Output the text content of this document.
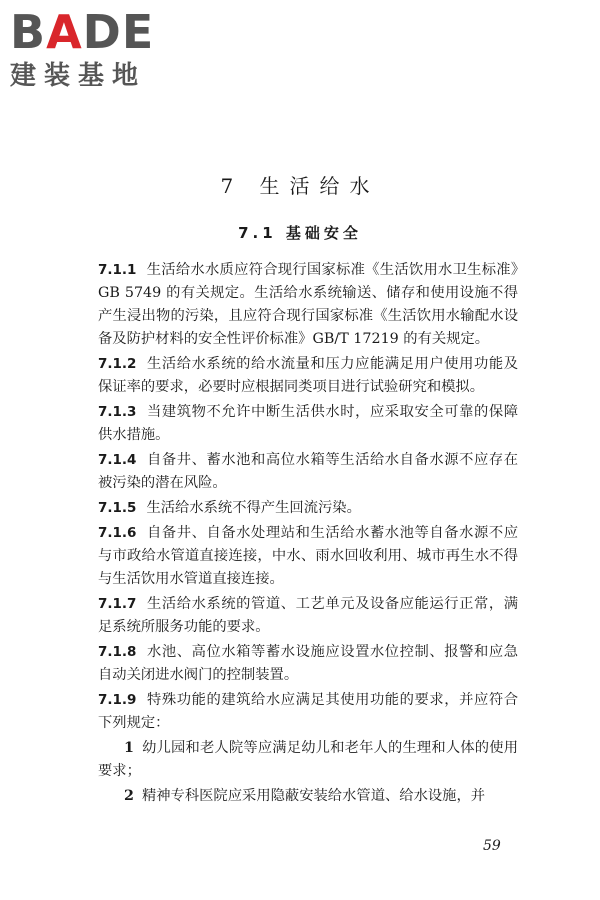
BADE
建装基地
7 生活给水
7.1 基础安全
7.1.1 生活给水水质应符合现行国家标准《生活饮用水卫生标准》GB 5749 的有关规定。生活给水系统输送、储存和使用设施不得产生浸出物的污染，且应符合现行国家标准《生活饮用水输配水设备及防护材料的安全性评价标准》GB/T 17219 的有关规定。
7.1.2 生活给水系统的给水流量和压力应能满足用户使用功能及保证率的要求，必要时应根据同类项目进行试验研究和模拟。
7.1.3 当建筑物不允许中断生活供水时，应采取安全可靠的保障供水措施。
7.1.4 自备井、蓄水池和高位水箱等生活给水自备水源不应存在被污染的潜在风险。
7.1.5 生活给水系统不得产生回流污染。
7.1.6 自备井、自备水处理站和生活给水蓄水池等自备水源不应与市政给水管道直接连接，中水、雨水回收利用、城市再生水不得与生活饮用水管道直接连接。
7.1.7 生活给水系统的管道、工艺单元及设备应能运行正常，满足系统所服务功能的要求。
7.1.8 水池、高位水箱等蓄水设施应设置水位控制、报警和应急自动关闭进水阀门的控制装置。
7.1.9 特殊功能的建筑给水应满足其使用功能的要求，并应符合下列规定：
1 幼儿园和老人院等应满足幼儿和老年人的生理和人体的使用要求；
2 精神专科医院应采用隐蔽安装给水管道、给水设施，并
59
